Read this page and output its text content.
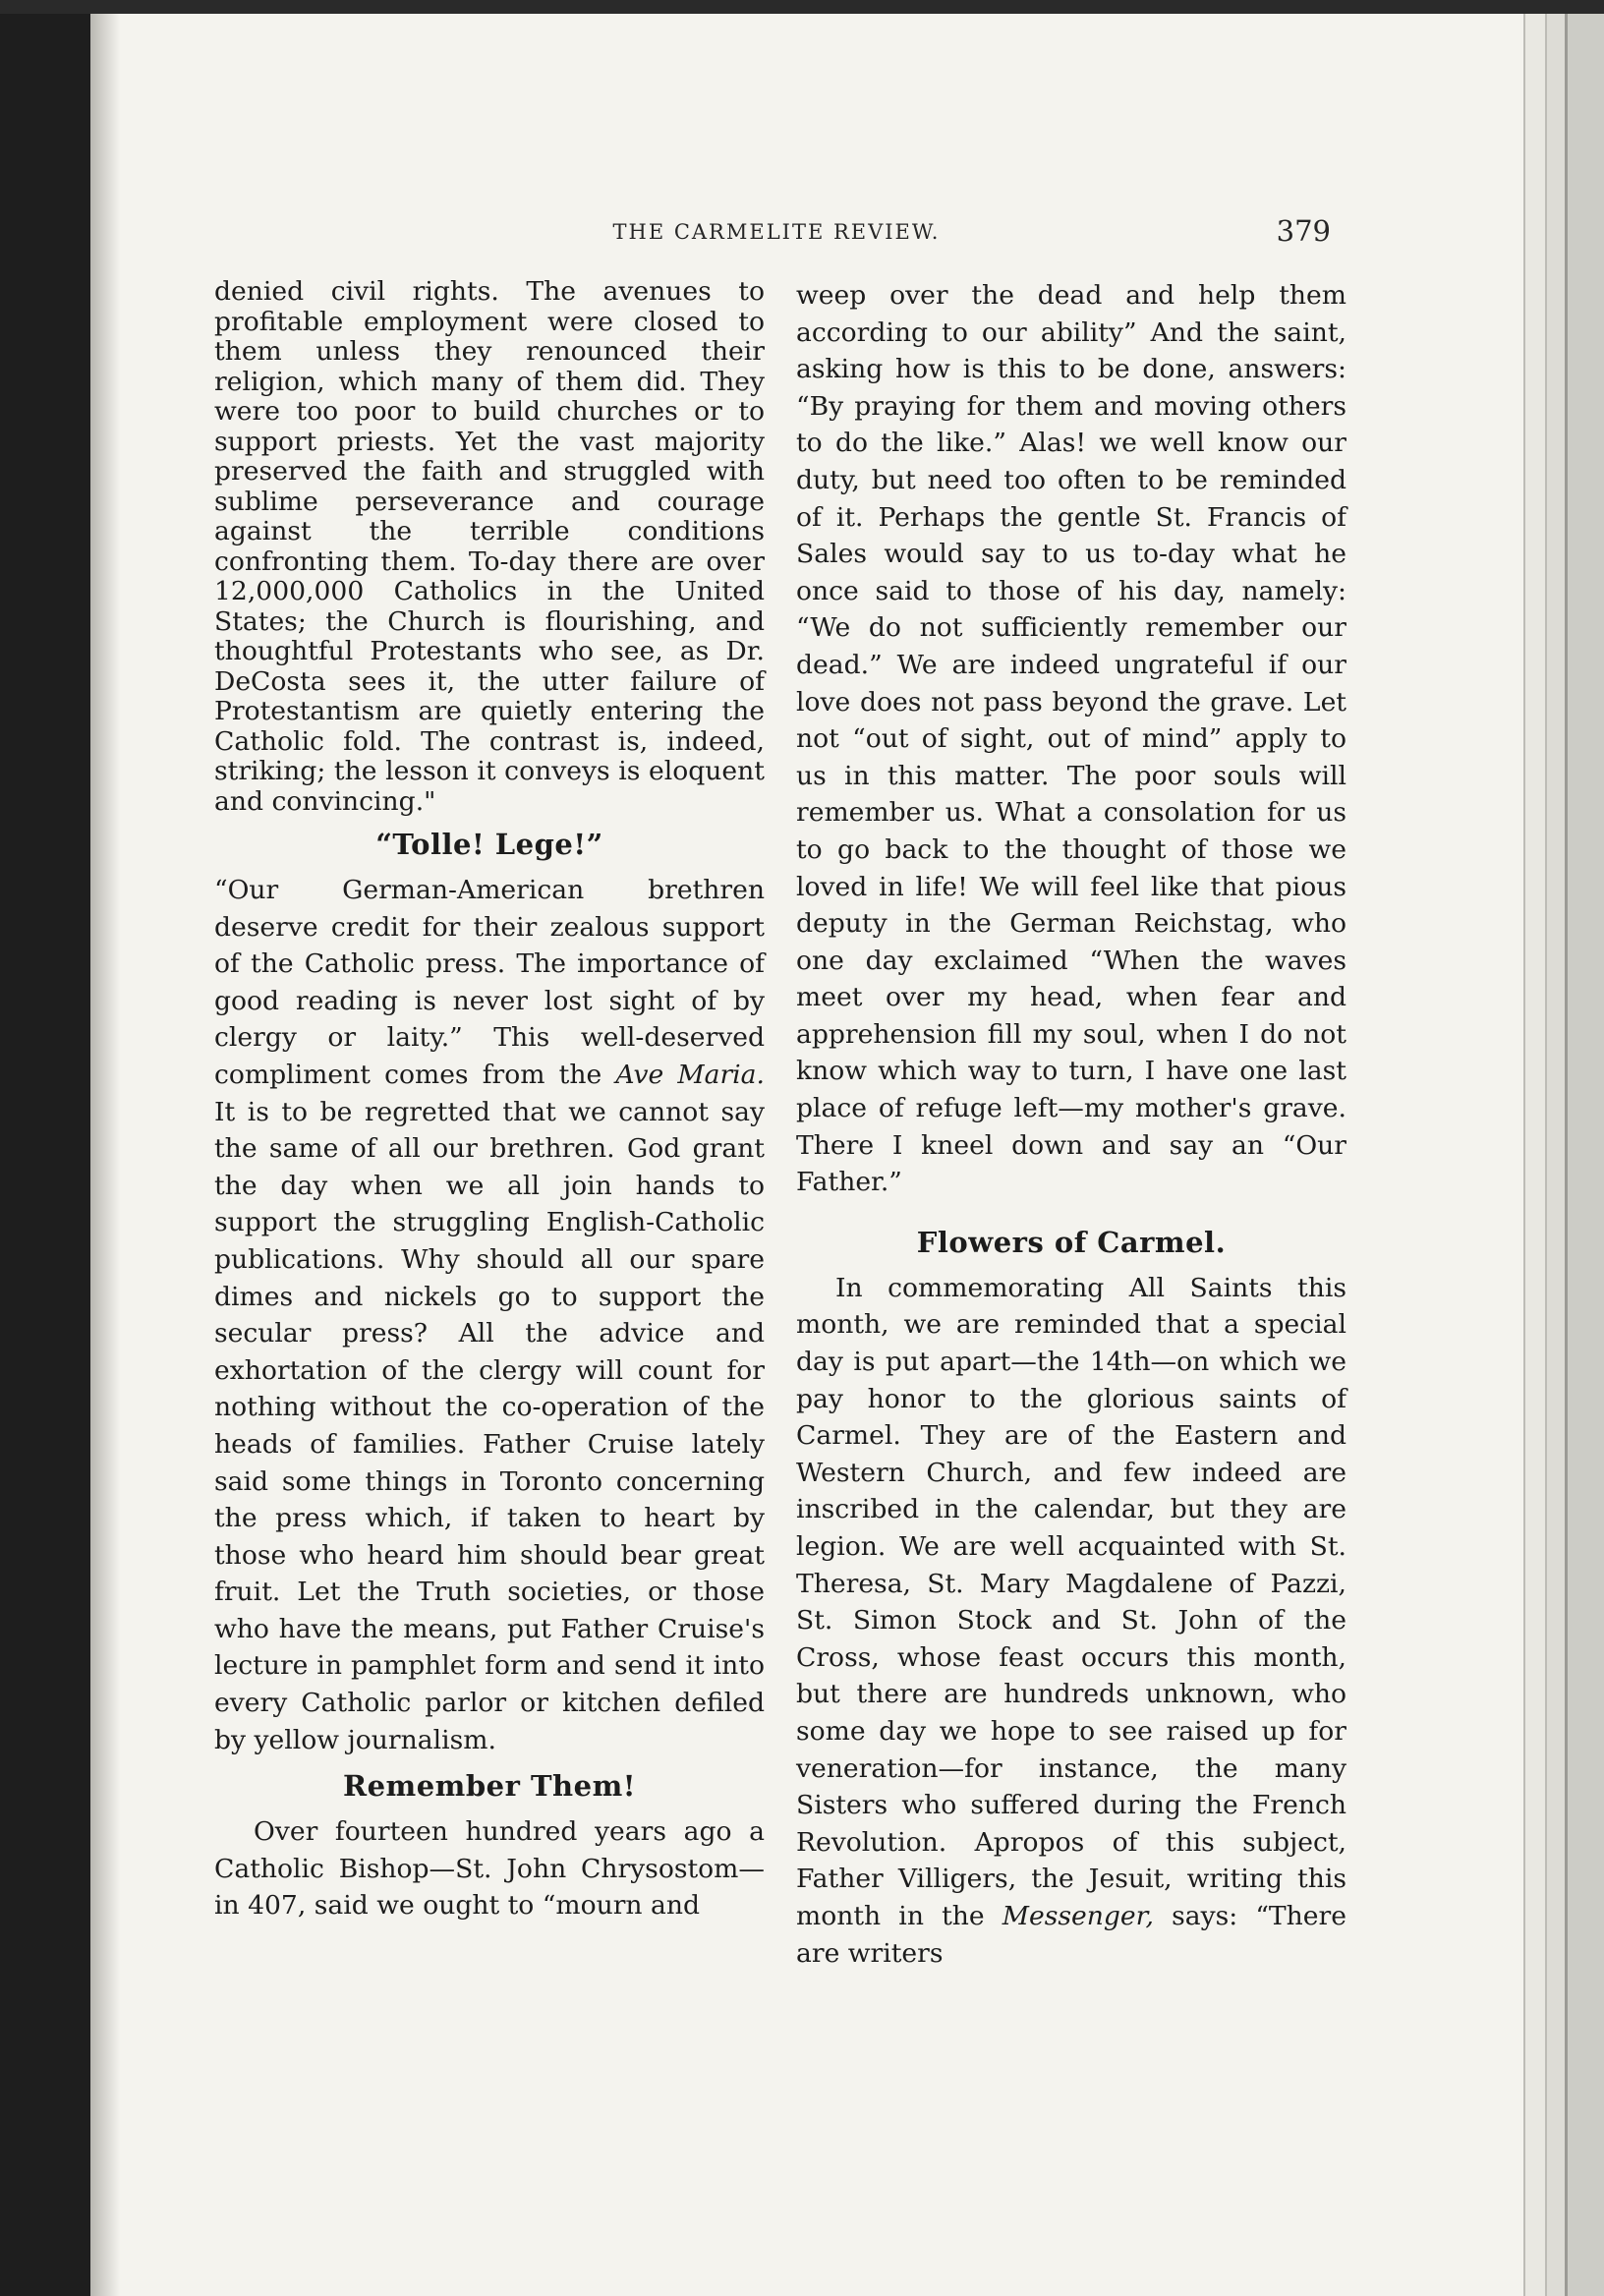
THE CARMELITE REVIEW.	379

denied civil rights. The avenues to profitable employment were closed to them unless they renounced their religion, which many of them did. They were too poor to build churches or to support priests. Yet the vast majority preserved the faith and struggled with sublime perseverance and courage against the terrible conditions confronting them. To-day there are over 12,000,000 Catholics in the United States; the Church is flourishing, and thoughtful Protestants who see, as Dr. DeCosta sees it, the utter failure of Protestantism are quietly entering the Catholic fold. The contrast is, indeed, striking; the lesson it conveys is eloquent and convincing."

“Tolle! Lege!”

“Our German-American brethren deserve credit for their zealous support of the Catholic press. The importance of good reading is never lost sight of by clergy or laity.” This well-deserved compliment comes from the Ave Maria. It is to be regretted that we cannot say the same of all our brethren. God grant the day when we all join hands to support the struggling English-Catholic publications. Why should all our spare dimes and nickels go to support the secular press? All the advice and exhortation of the clergy will count for nothing without the co-operation of the heads of families. Father Cruise lately said some things in Toronto concerning the press which, if taken to heart by those who heard him should bear great fruit. Let the Truth societies, or those who have the means, put Father Cruise's lecture in pamphlet form and send it into every Catholic parlor or kitchen defiled by yellow journalism.

Remember Them!

Over fourteen hundred years ago a Catholic Bishop—St. John Chrysostom—in 407, said we ought to “mourn and

weep over the dead and help them according to our ability” And the saint, asking how is this to be done, answers: “By praying for them and moving others to do the like.” Alas! we well know our duty, but need too often to be reminded of it. Perhaps the gentle St. Francis of Sales would say to us to-day what he once said to those of his day, namely: “We do not sufficiently remember our dead.” We are indeed ungrateful if our love does not pass beyond the grave. Let not “out of sight, out of mind” apply to us in this matter. The poor souls will remember us. What a consolation for us to go back to the thought of those we loved in life! We will feel like that pious deputy in the German Reichstag, who one day exclaimed “When the waves meet over my head, when fear and apprehension fill my soul, when I do not know which way to turn, I have one last place of refuge left—my mother's grave. There I kneel down and say an “Our Father.”

Flowers of Carmel.

In commemorating All Saints this month, we are reminded that a special day is put apart—the 14th—on which we pay honor to the glorious saints of Carmel. They are of the Eastern and Western Church, and few indeed are inscribed in the calendar, but they are legion. We are well acquainted with St. Theresa, St. Mary Magdalene of Pazzi, St. Simon Stock and St. John of the Cross, whose feast occurs this month, but there are hundreds unknown, who some day we hope to see raised up for veneration—for instance, the many Sisters who suffered during the French Revolution. Apropos of this subject, Father Villigers, the Jesuit, writing this month in the Messenger, says: “There are writers
